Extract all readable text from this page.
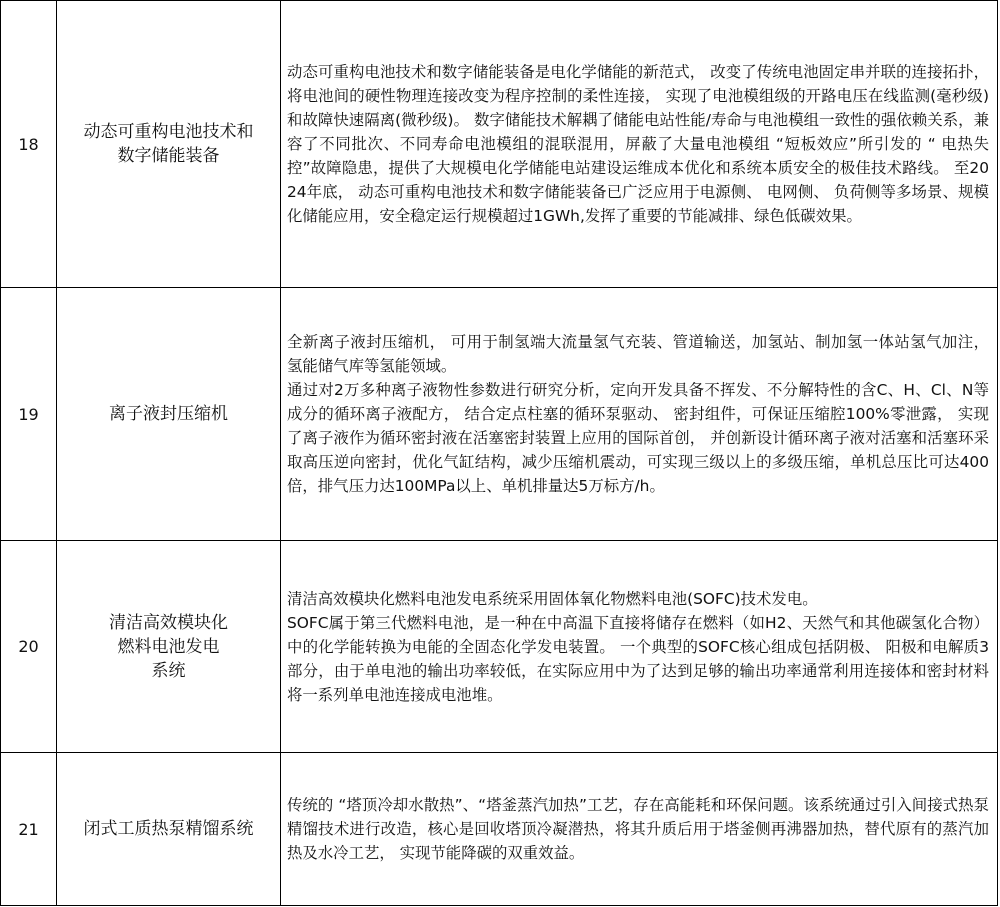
18	动态可重构电池技术和
数字储能装备	动态可重构电池技术和数字储能装备是电化学储能的新范式， 改变了传统电池固定串并联的连接拓扑，将电池间的硬性物理连接改变为程序控制的柔性连接， 实现了电池模组级的开路电压在线监测(毫秒级)和故障快速隔离(微秒级)。 数字储能技术解耦了储能电站性能/寿命与电池模组一致性的强依赖关系，兼容了不同批次、不同寿命电池模组的混联混用，屏蔽了大量电池模组 “短板效应”所引发的 “ 电热失控”故障隐患，提供了大规模电化学储能电站建设运维成本优化和系统本质安全的极佳技术路线。 至2024年底， 动态可重构电池技术和数字储能装备已广泛应用于电源侧、 电网侧、 负荷侧等多场景、规模化储能应用，安全稳定运行规模超过1GWh,发挥了重要的节能减排、绿色低碳效果。
19	离子液封压缩机	全新离子液封压缩机， 可用于制氢端大流量氢气充装、管道输送，加氢站、制加氢一体站氢气加注， 氢能储气库等氢能领域。
通过对2万多种离子液物性参数进行研究分析，定向开发具备不挥发、不分解特性的含C、H、Cl、N等成分的循环离子液配方， 结合定点柱塞的循环泵驱动、 密封组件，可保证压缩腔100%零泄露， 实现了离子液作为循环密封液在活塞密封装置上应用的国际首创， 并创新设计循环离子液对活塞和活塞环采取高压逆向密封，优化气缸结构，减少压缩机震动，可实现三级以上的多级压缩，单机总压比可达400倍，排气压力达100MPa以上、单机排量达5万标方/h。
20	清洁高效模块化
燃料电池发电
系统	清洁高效模块化燃料电池发电系统采用固体氧化物燃料电池(SOFC)技术发电。
SOFC属于第三代燃料电池，是一种在中高温下直接将储存在燃料（如H2、天然气和其他碳氢化合物） 中的化学能转换为电能的全固态化学发电装置。 一个典型的SOFC核心组成包括阴极、 阳极和电解质3部分，由于单电池的输出功率较低，在实际应用中为了达到足够的输出功率通常利用连接体和密封材料将一系列单电池连接成电池堆。
21	闭式工质热泵精馏系统	传统的 “塔顶冷却水散热”、“塔釜蒸汽加热”工艺，存在高能耗和环保问题。该系统通过引入间接式热泵精馏技术进行改造，核心是回收塔顶冷凝潜热，将其升质后用于塔釜侧再沸器加热，替代原有的蒸汽加热及水冷工艺， 实现节能降碳的双重效益。
